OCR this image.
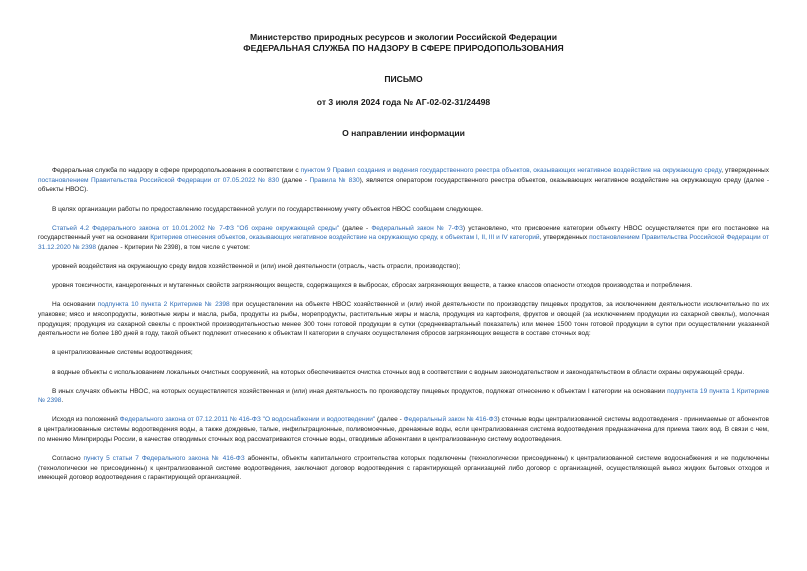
Министерство природных ресурсов и экологии Российской Федерации
ФЕДЕРАЛЬНАЯ СЛУЖБА ПО НАДЗОРУ В СФЕРЕ ПРИРОДОПОЛЬЗОВАНИЯ
ПИСЬМО
от 3 июля 2024 года № АГ-02-02-31/24498
О направлении информации
Федеральная служба по надзору в сфере природопользования в соответствии с пунктом 9 Правил создания и ведения государственного реестра объектов, оказывающих негативное воздействие на окружающую среду, утвержденных постановлением Правительства Российской Федерации от 07.05.2022 № 830 (далее - Правила № 830), является оператором государственного реестра объектов, оказывающих негативное воздействие на окружающую среду (далее - объекты НВОС).
В целях организации работы по предоставлению государственной услуги по государственному учету объектов НВОС сообщаем следующее.
Статьей 4.2 Федерального закона от 10.01.2002 № 7-ФЗ "Об охране окружающей среды" (далее - Федеральный закон № 7-ФЗ) установлено, что присвоение категории объекту НВОС осуществляется при его постановке на государственный учет на основании Критериев отнесения объектов, оказывающих негативное воздействие на окружающую среду, к объектам I, II, III и IV категорий, утвержденных постановлением Правительства Российской Федерации от 31.12.2020 № 2398 (далее - Критерии № 2398), в том числе с учетом:
уровней воздействия на окружающую среду видов хозяйственной и (или) иной деятельности (отрасль, часть отрасли, производство);
уровня токсичности, канцерогенных и мутагенных свойств загрязняющих веществ, содержащихся в выбросах, сбросах загрязняющих веществ, а также классов опасности отходов производства и потребления.
На основании подпункта 10 пункта 2 Критериев № 2398 при осуществлении на объекте НВОС хозяйственной и (или) иной деятельности по производству пищевых продуктов, за исключением деятельности исключительно по их упаковке; мясо и мясопродукты, животные жиры и масла, рыба, продукты из рыбы, морепродукты, растительные жиры и масла, продукция из картофеля, фруктов и овощей (за исключением продукции из сахарной свеклы), молочная продукция; продукция из сахарной свеклы с проектной производительностью менее 300 тонн готовой продукции в сутки (среднеквартальный показатель) или менее 1500 тонн готовой продукции в сутки при осуществлении указанной деятельности не более 180 дней в году, такой объект подлежит отнесению к объектам II категории в случаях осуществления сбросов загрязняющих веществ в составе сточных вод:
в централизованные системы водоотведения;
в водные объекты с использованием локальных очистных сооружений, на которых обеспечивается очистка сточных вод в соответствии с водным законодательством и законодательством в области охраны окружающей среды.
В иных случаях объекты НВОС, на которых осуществляется хозяйственная и (или) иная деятельность по производству пищевых продуктов, подлежат отнесению к объектам I категории на основании подпункта 19 пункта 1 Критериев № 2398.
Исходя из положений Федерального закона от 07.12.2011 № 416-ФЗ "О водоснабжении и водоотведении" (далее - Федеральный закон № 416-ФЗ) сточные воды централизованной системы водоотведения - принимаемые от абонентов в централизованные системы водоотведения воды, а также дождевые, талые, инфильтрационные, поливомоечные, дренажные воды, если централизованная система водоотведения предназначена для приема таких вод. В связи с чем, по мнению Минприроды России, в качестве отводимых сточных вод рассматриваются сточные воды, отводимые абонентами в централизованную систему водоотведения.
Согласно пункту 5 статьи 7 Федерального закона № 416-ФЗ абоненты, объекты капитального строительства которых подключены (технологически присоединены) к централизованной системе водоснабжения и не подключены (технологически не присоединены) к централизованной системе водоотведения, заключают договор водоотведения с гарантирующей организацией либо договор с организацией, осуществляющей вывоз жидких бытовых отходов и имеющей договор водоотведения с гарантирующей организацией.
